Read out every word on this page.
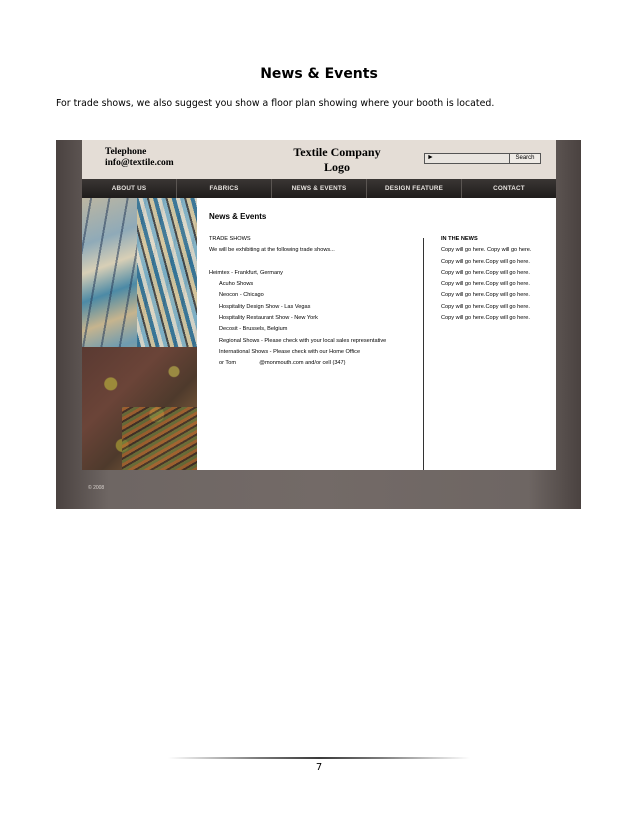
News & Events
For trade shows, we also suggest you show a floor plan showing where your booth is located.
Telephone
info@textile.com
Textile Company
Logo
►	Search
ABOUT US	FABRICS	NEWS & EVENTS	DESIGN FEATURE	CONTACT
News & Events
TRADE SHOWS
We will be exhibiting at the following trade shows...
Heimtex - Frankfurt, Germany
Acuho Shows
Neocon - Chicago
Hospitality Design Show - Las Vegas
Hospitality Restaurant Show - New York
Decosit - Brussels, Belgium
Regional Shows - Please check with your local sales representative
International Shows - Please check with our Home Office
or Tom               @monmouth.com and/or cell (347)
IN THE NEWS
Copy will go here. Copy will go here.
Copy will go here.Copy will go here.
Copy will go here.Copy will go here.
Copy will go here.Copy will go here.
Copy will go here.Copy will go here.
Copy will go here.Copy will go here.
Copy will go here.Copy will go here.
© 2008
7
